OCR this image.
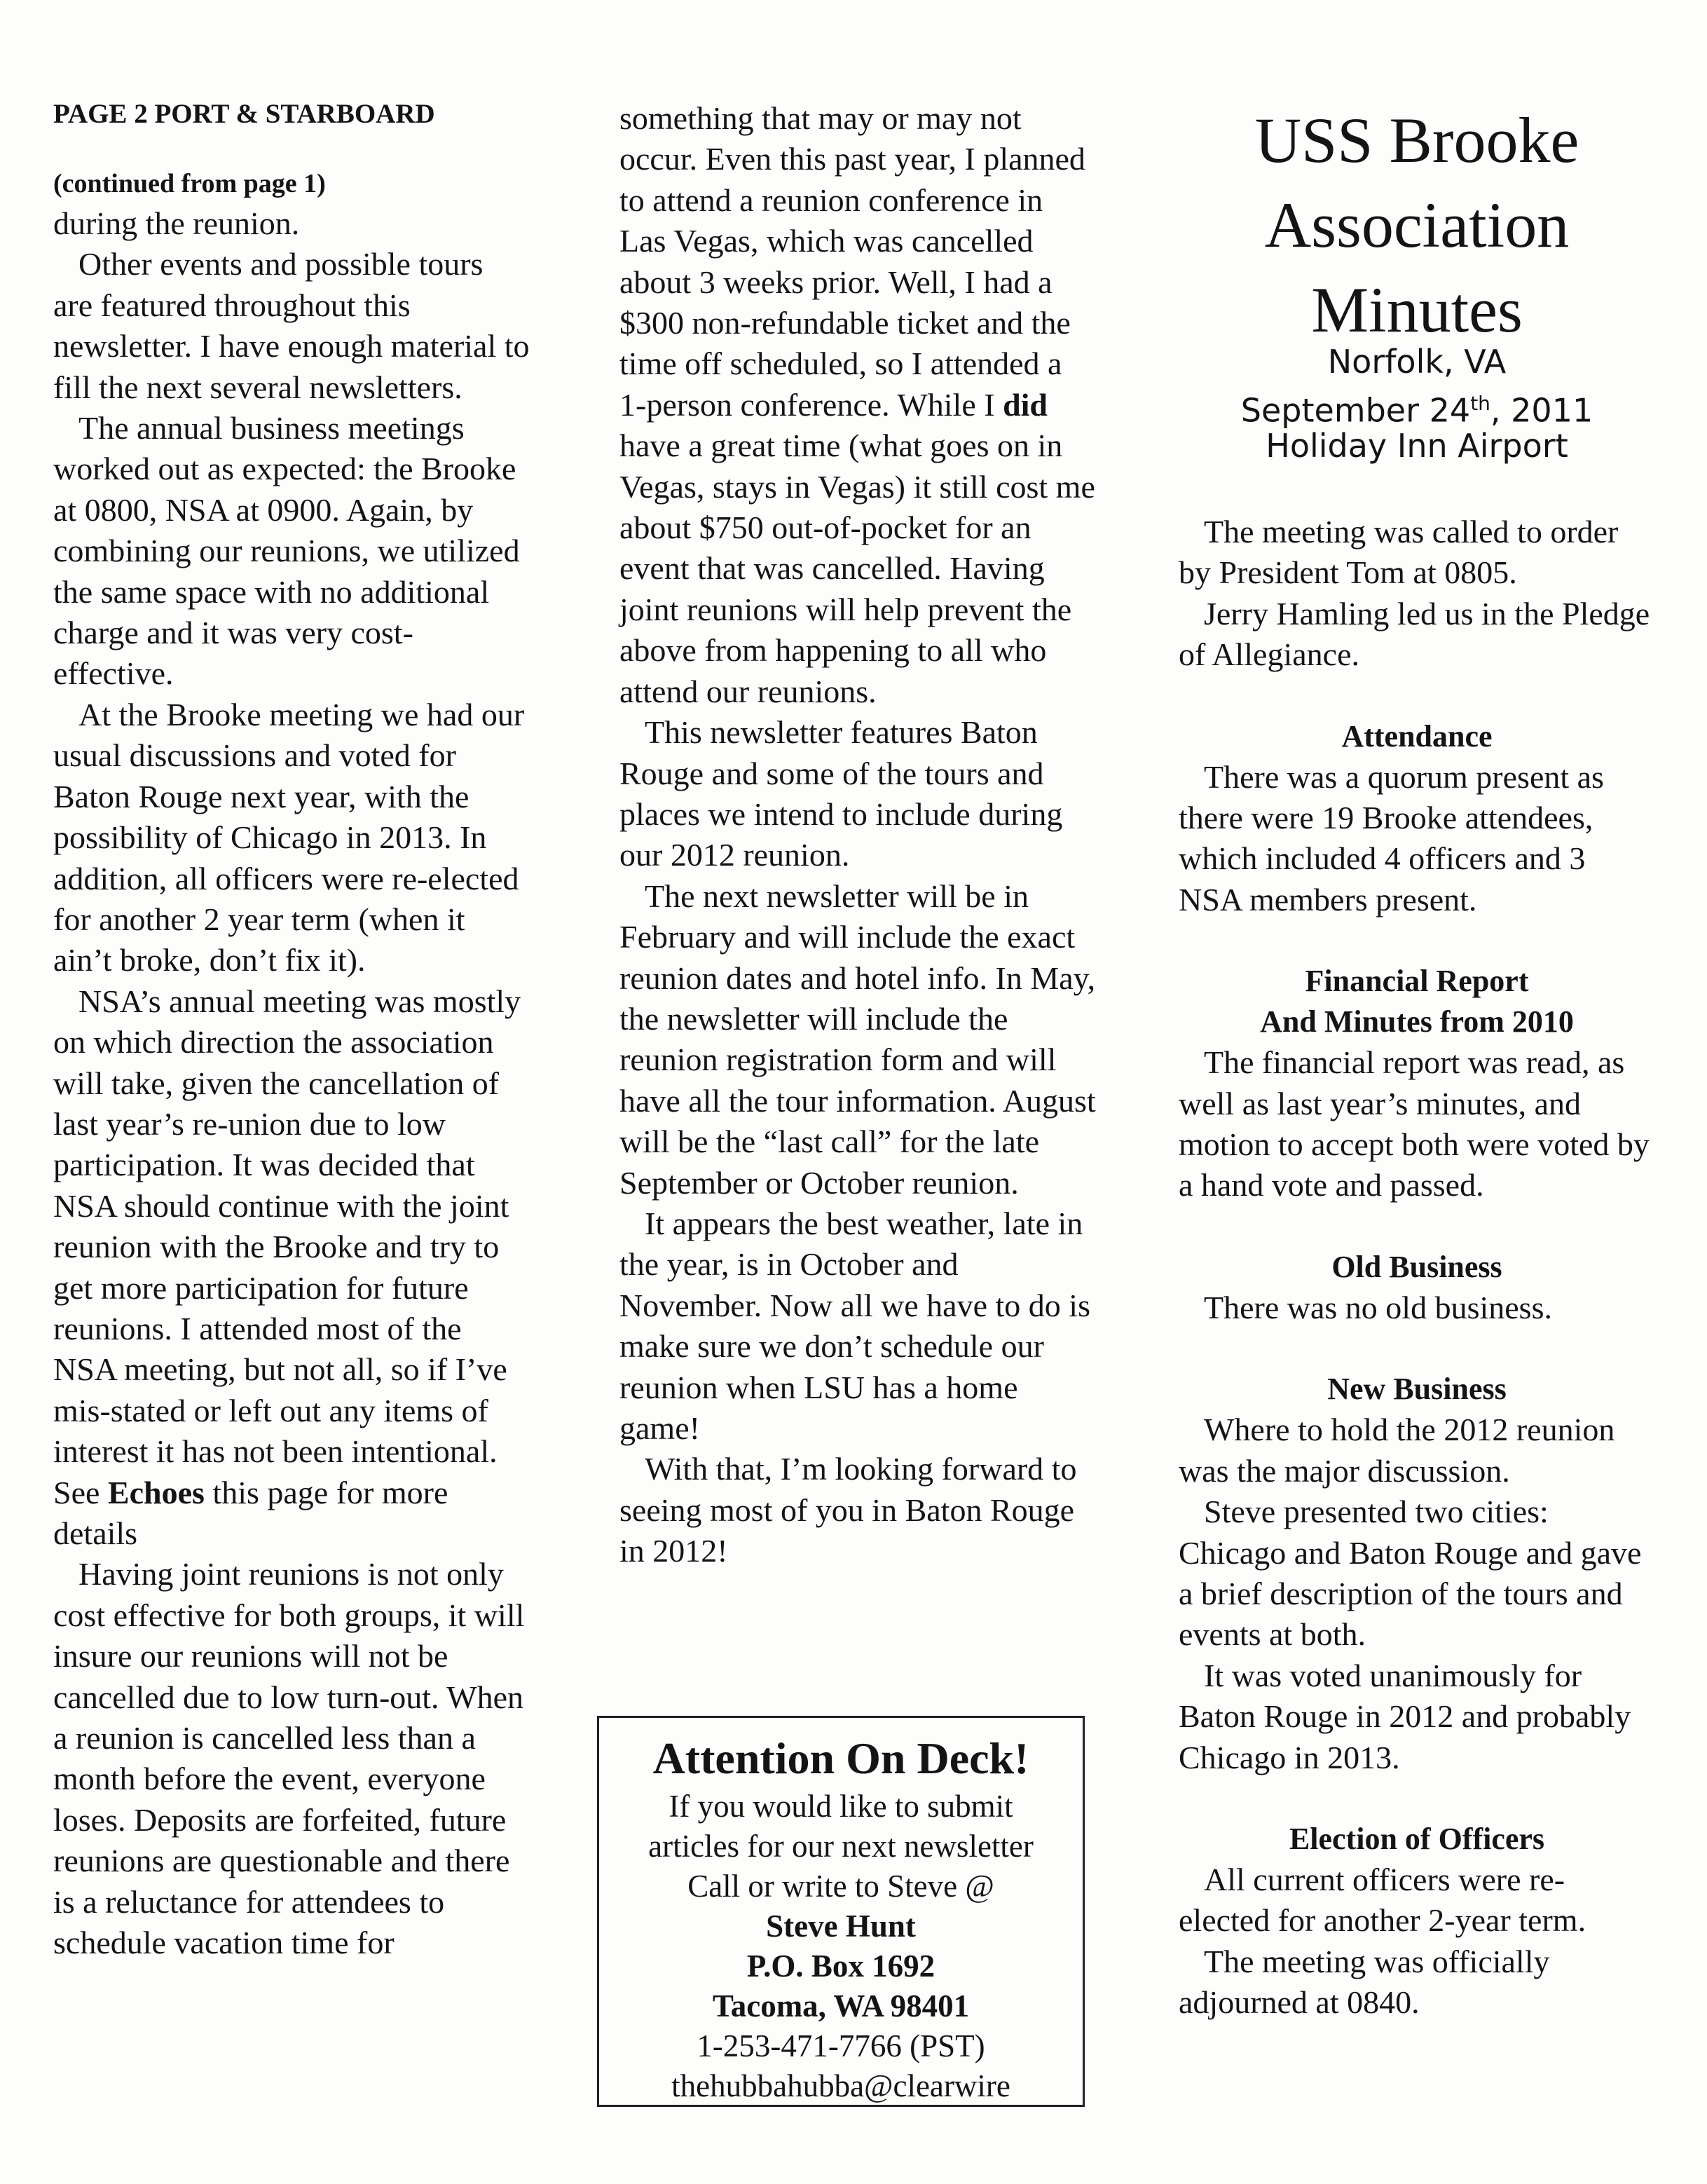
PAGE 2 PORT & STARBOARD
(continued from page 1)

during the reunion.

Other events and possible tours are featured throughout this newsletter. I have enough material to fill the next several newsletters.

The annual business meetings worked out as expected: the Brooke at 0800, NSA at 0900. Again, by combining our reunions, we utilized the same space with no additional charge and it was very cost-effective.

At the Brooke meeting we had our usual discussions and voted for Baton Rouge next year, with the possibility of Chicago in 2013. In addition, all officers were re-elected for another 2 year term (when it ain’t broke, don’t fix it).

NSA’s annual meeting was mostly on which direction the association will take, given the cancellation of last year’s re-union due to low participation. It was decided that NSA should continue with the joint reunion with the Brooke and try to get more participation for future reunions. I attended most of the NSA meeting, but not all, so if I’ve mis-stated or left out any items of interest it has not been intentional. See Echoes this page for more details

Having joint reunions is not only cost effective for both groups, it will insure our reunions will not be cancelled due to low turn-out. When a reunion is cancelled less than a month before the event, everyone loses. Deposits are forfeited, future reunions are questionable and there is a reluctance for attendees to schedule vacation time for

something that may or may not occur. Even this past year, I planned to attend a reunion conference in Las Vegas, which was cancelled about 3 weeks prior. Well, I had a $300 non-refundable ticket and the time off scheduled, so I attended a 1-person conference. While I did have a great time (what goes on in Vegas, stays in Vegas) it still cost me about $750 out-of-pocket for an event that was cancelled. Having joint reunions will help prevent the above from happening to all who attend our reunions.

This newsletter features Baton Rouge and some of the tours and places we intend to include during our 2012 reunion.

The next newsletter will be in February and will include the exact reunion dates and hotel info. In May, the newsletter will include the reunion registration form and will have all the tour information. August will be the “last call” for the late September or October reunion.

It appears the best weather, late in the year, is in October and November. Now all we have to do is make sure we don’t schedule our reunion when LSU has a home game!

With that, I’m looking forward to seeing most of you in Baton Rouge in 2012!

Attention On Deck!

If you would like to submit

articles for our next newsletter

Call or write to Steve @

Steve Hunt

P.O. Box 1692

Tacoma, WA 98401

1-253-471-7766 (PST)

thehubbahubba@clearwire

USS Brooke
Association
Minutes
Norfolk, VA
September 24th, 2011
Holiday Inn Airport

The meeting was called to order by President Tom at 0805.

Jerry Hamling led us in the Pledge of Allegiance.

Attendance

There was a quorum present as there were 19 Brooke attendees, which included 4 officers and 3 NSA members present.

Financial Report

And Minutes from 2010

The financial report was read, as well as last year’s minutes, and motion to accept both were voted by a hand vote and passed.

Old Business

There was no old business.

New Business

Where to hold the 2012 reunion was the major discussion.

Steve presented two cities: Chicago and Baton Rouge and gave a brief description of the tours and events at both.

It was voted unanimously for Baton Rouge in 2012 and probably Chicago in 2013.

Election of Officers

All current officers were re-elected for another 2-year term.

The meeting was officially adjourned at 0840.
